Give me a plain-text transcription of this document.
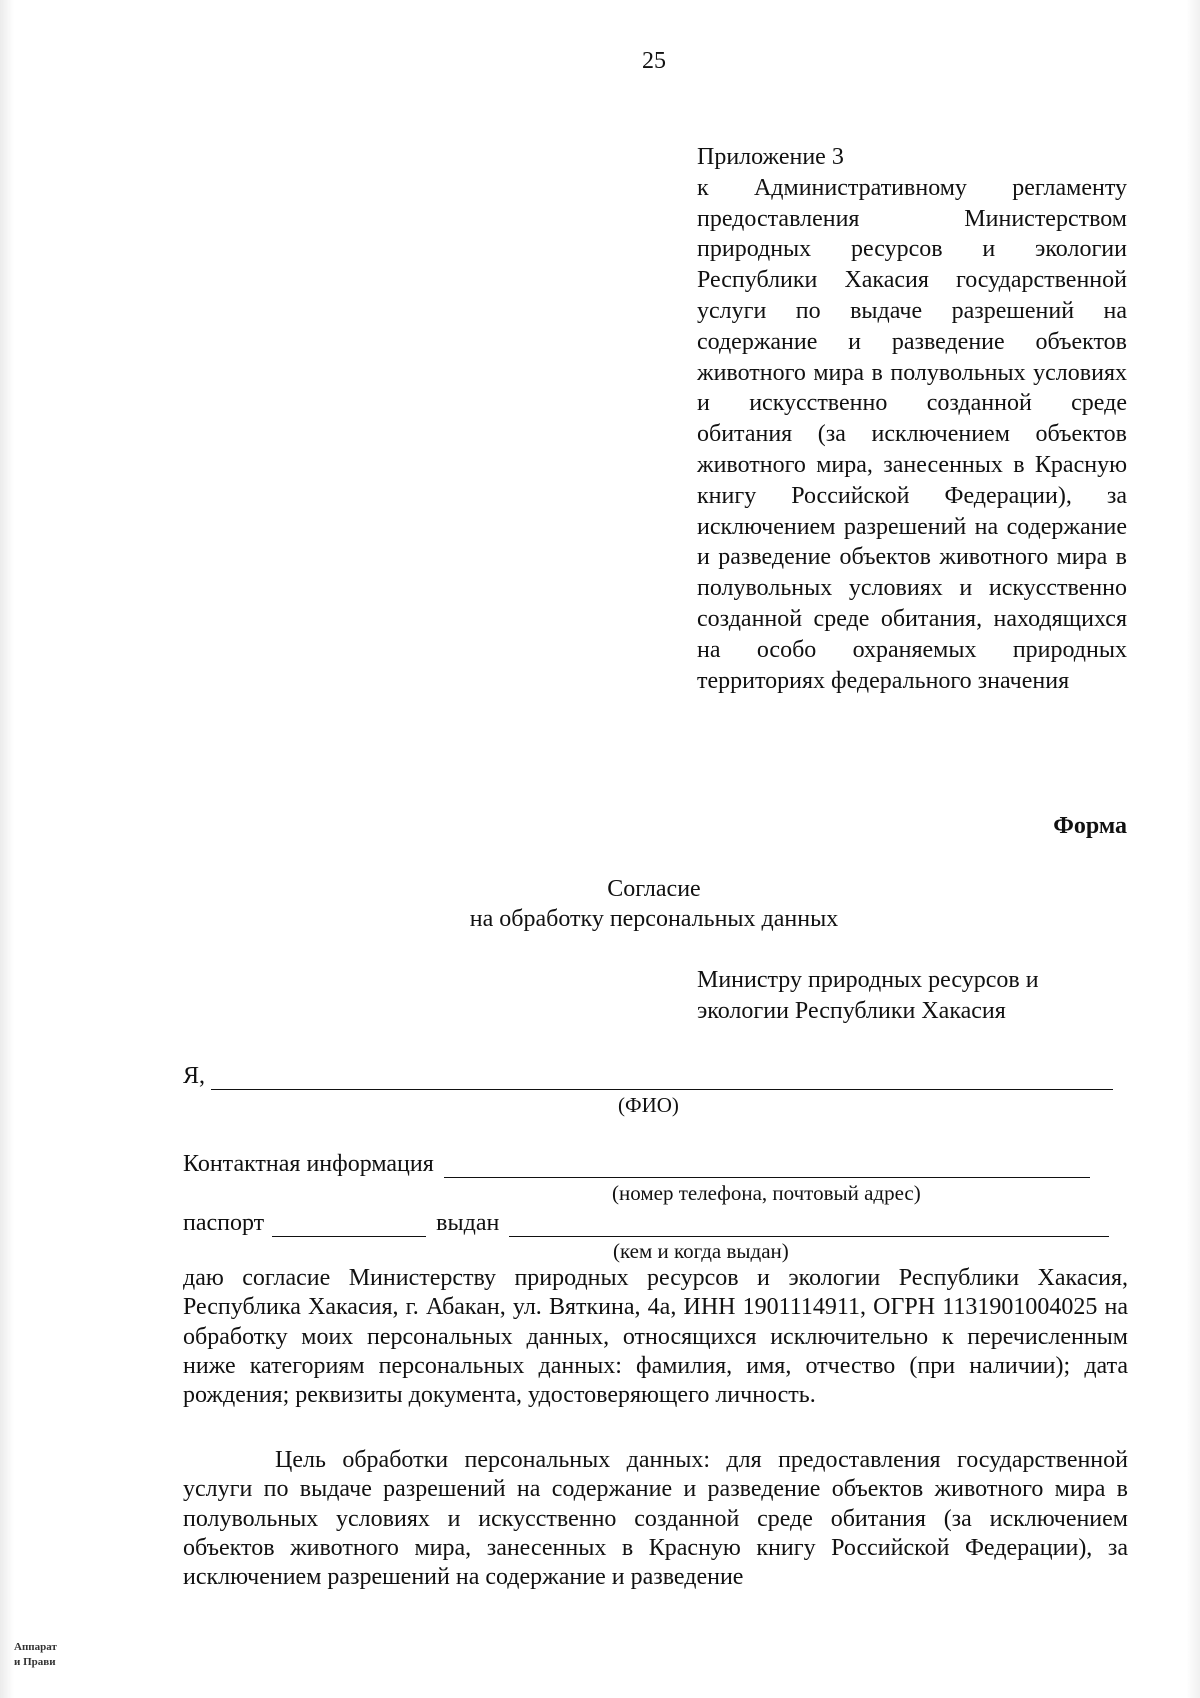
25
Приложение 3
к Административному регламенту предоставления Министерством природных ресурсов и экологии Республики Хакасия государственной услуги по выдаче разрешений на содержание и разведение объектов животного мира в полувольных условиях и искусственно созданной среде обитания (за исключением объектов животного мира, занесенных в Красную книгу Российской Федерации), за исключением разрешений на содержание и разведение объектов животного мира в полувольных условиях и искусственно созданной среде обитания, находящихся на особо охраняемых природных территориях федерального значения
Форма
Согласие
на обработку персональных данных
Министру природных ресурсов и экологии Республики Хакасия
Я,
(ФИО)
Контактная информация
(номер телефона, почтовый адрес)
паспорт	выдан
(кем и когда выдан)
даю согласие Министерству природных ресурсов и экологии Республики Хакасия, Республика Хакасия, г. Абакан, ул. Вяткина, 4а, ИНН 1901114911, ОГРН 1131901004025 на обработку моих персональных данных, относящихся исключительно к перечисленным ниже категориям персональных данных: фамилия, имя, отчество (при наличии); дата рождения; реквизиты документа, удостоверяющего личность.
Цель обработки персональных данных: для предоставления государственной услуги по выдаче разрешений на содержание и разведение объектов животного мира в полувольных условиях и искусственно созданной среде обитания (за исключением объектов животного мира, занесенных в Красную книгу Российской Федерации), за исключением разрешений на содержание и разведение
Аппарат
и Прави
